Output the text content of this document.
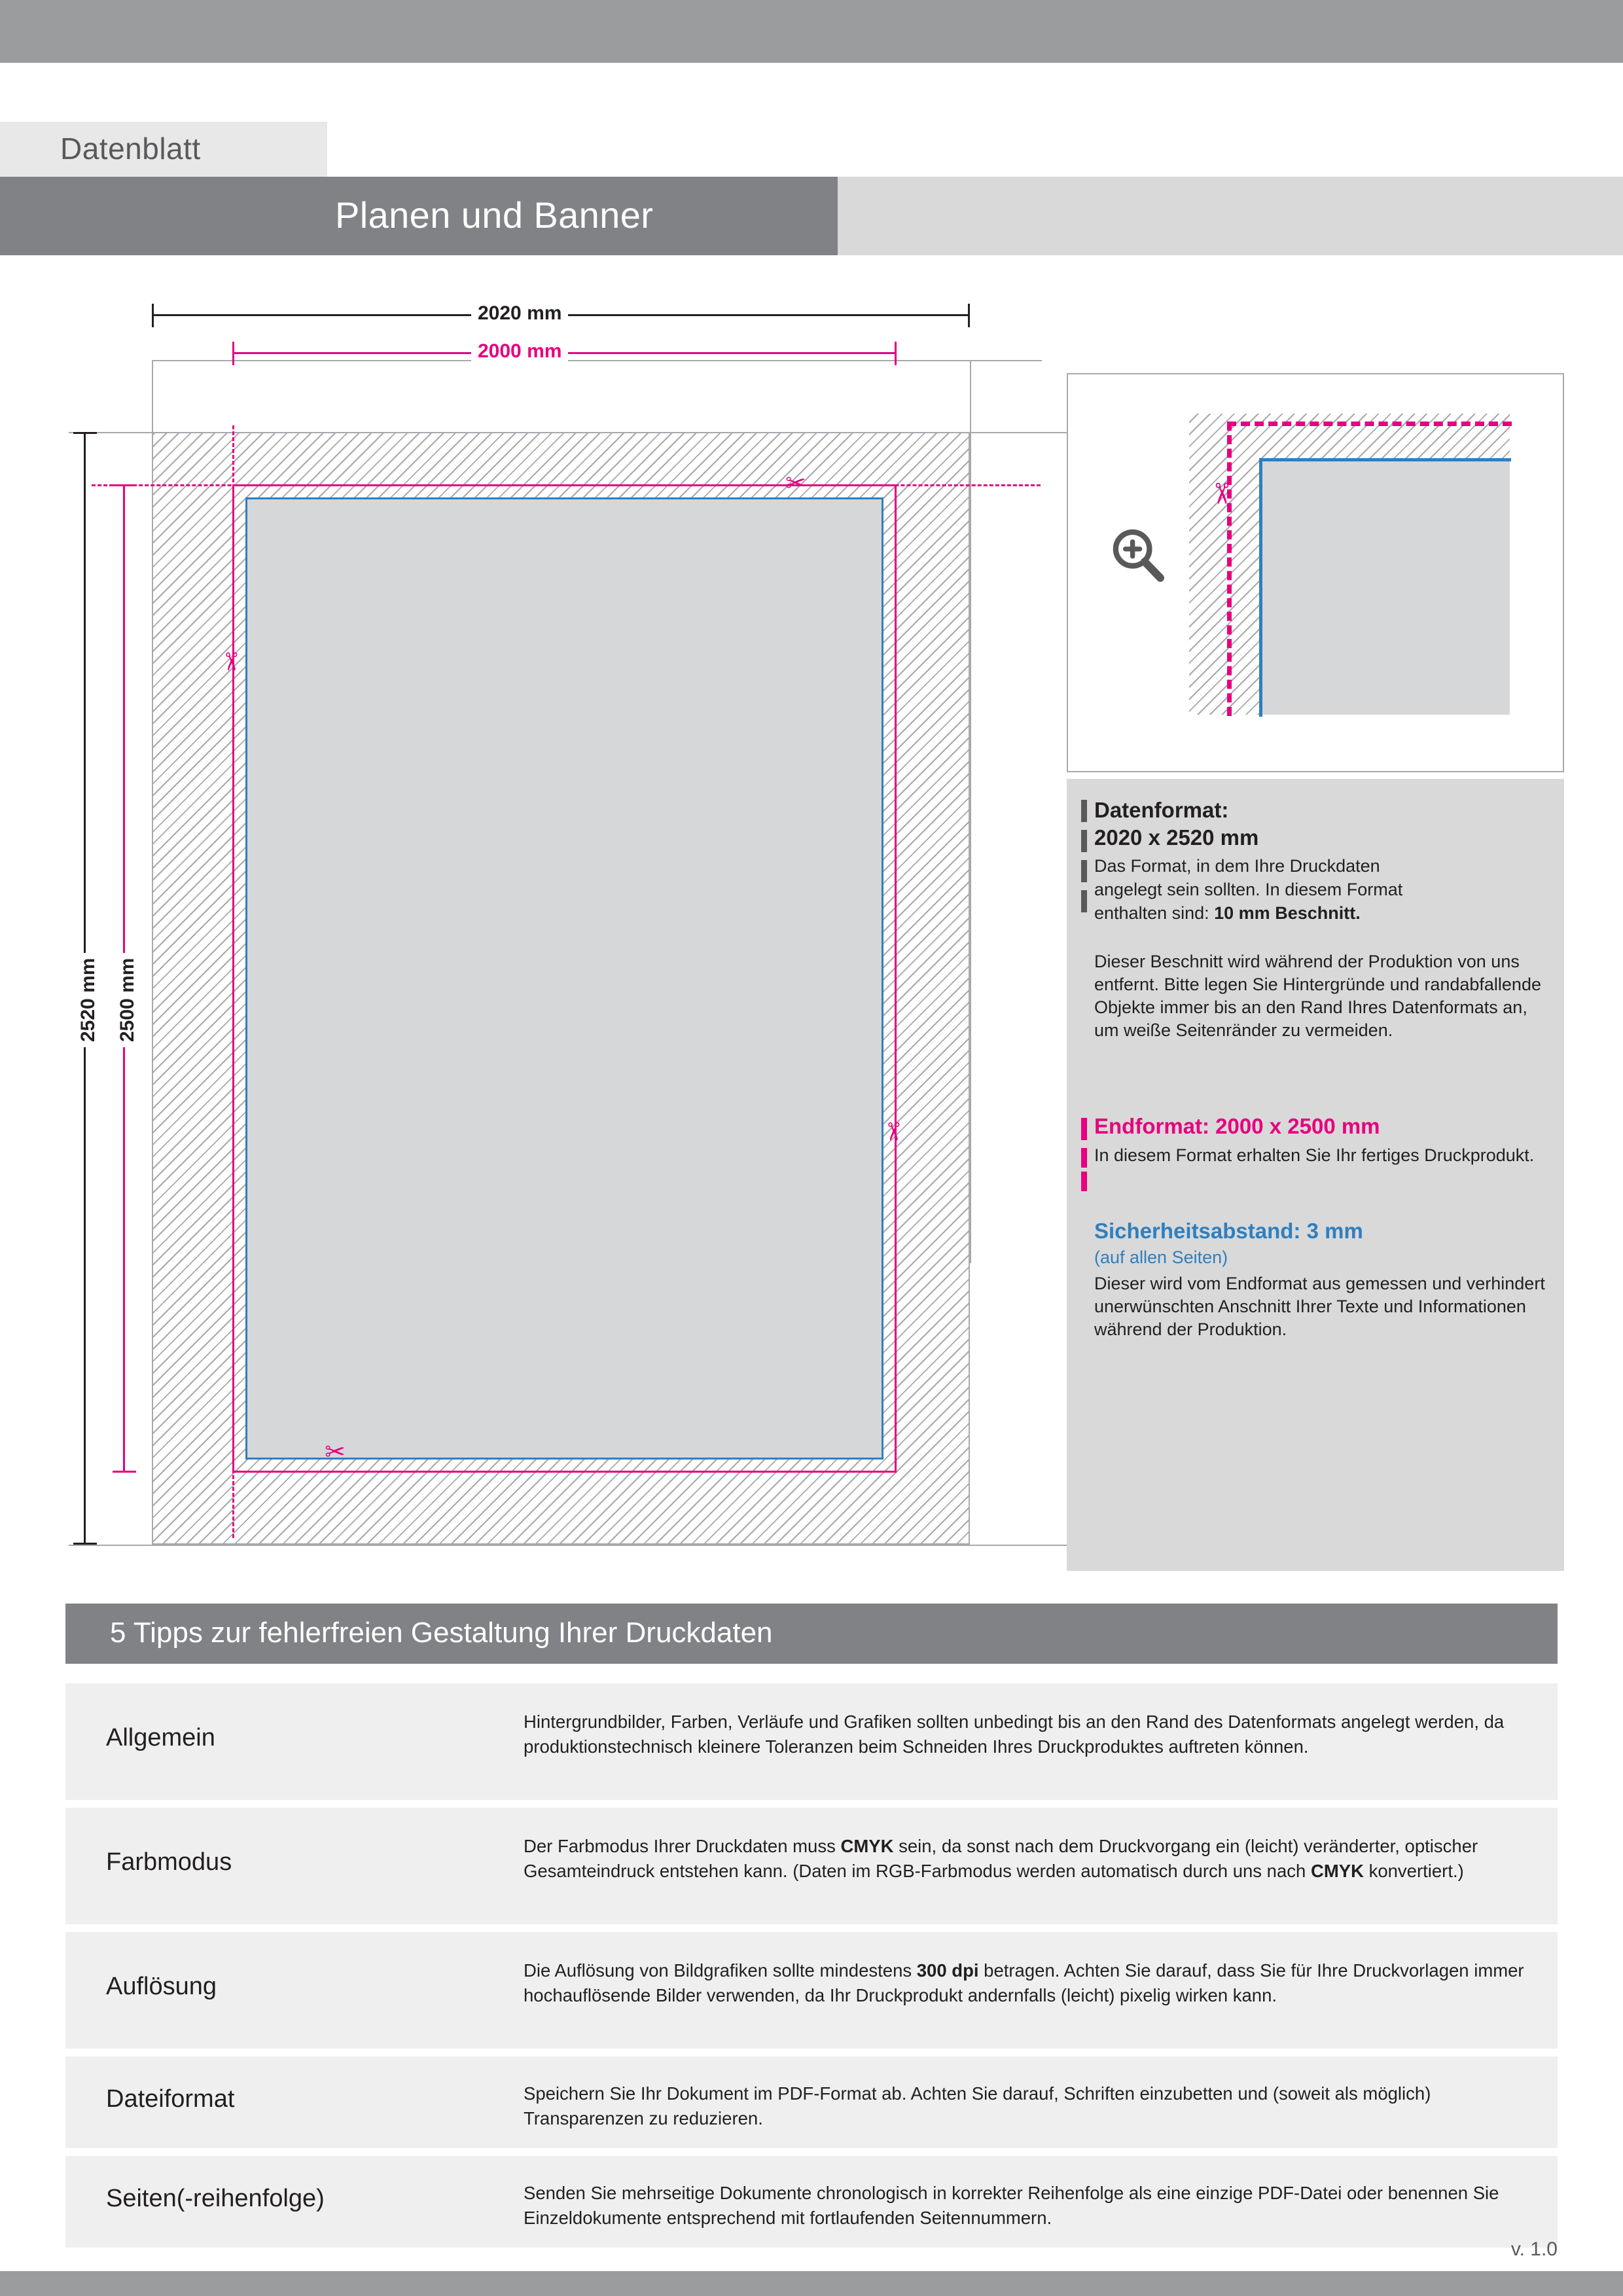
Datenblatt
Planen und Banner
2020 mm
2000 mm
2520 mm 2500 mm
✂
✂
✂
✂
✂
Datenformat:
2020 x 2520 mm
Das Format, in dem Ihre Druckdaten
angelegt sein sollten. In diesem Format
enthalten sind: 10 mm Beschnitt.
Dieser Beschnitt wird während der Produktion von uns entfernt. Bitte legen Sie Hintergründe und randabfallende Objekte immer bis an den Rand Ihres Datenformats an, um weiße Seitenränder zu vermeiden.
Endformat: 2000 x 2500 mm
In diesem Format erhalten Sie Ihr fertiges Druckprodukt.
Sicherheitsabstand: 3 mm
(auf allen Seiten)
Dieser wird vom Endformat aus gemessen und verhindert unerwünschten Anschnitt Ihrer Texte und Informationen während der Produktion.
5 Tipps zur fehlerfreien Gestaltung Ihrer Druckdaten
Allgemein
Hintergrundbilder, Farben, Verläufe und Grafiken sollten unbedingt bis an den Rand des Datenformats angelegt werden, da produktionstechnisch kleinere Toleranzen beim Schneiden Ihres Druckproduktes auftreten können.
Farbmodus
Der Farbmodus Ihrer Druckdaten muss CMYK sein, da sonst nach dem Druckvorgang ein (leicht) veränderter, optischer Gesamteindruck entstehen kann. (Daten im RGB-Farbmodus werden automatisch durch uns nach CMYK konvertiert.)
Auflösung
Die Auflösung von Bildgrafiken sollte mindestens 300 dpi betragen. Achten Sie darauf, dass Sie für Ihre Druckvorlagen immer hochauflösende Bilder verwenden, da Ihr Druckprodukt andernfalls (leicht) pixelig wirken kann.
Dateiformat	Speichern Sie Ihr Dokument im PDF-Format ab. Achten Sie darauf, Schriften einzubetten und (soweit als möglich) Transparenzen zu reduzieren.
Seiten(-reihenfolge)	Senden Sie mehrseitige Dokumente chronologisch in korrekter Reihenfolge als eine einzige PDF-Datei oder benennen Sie Einzeldokumente entsprechend mit fortlaufenden Seitennummern.
v. 1.0
